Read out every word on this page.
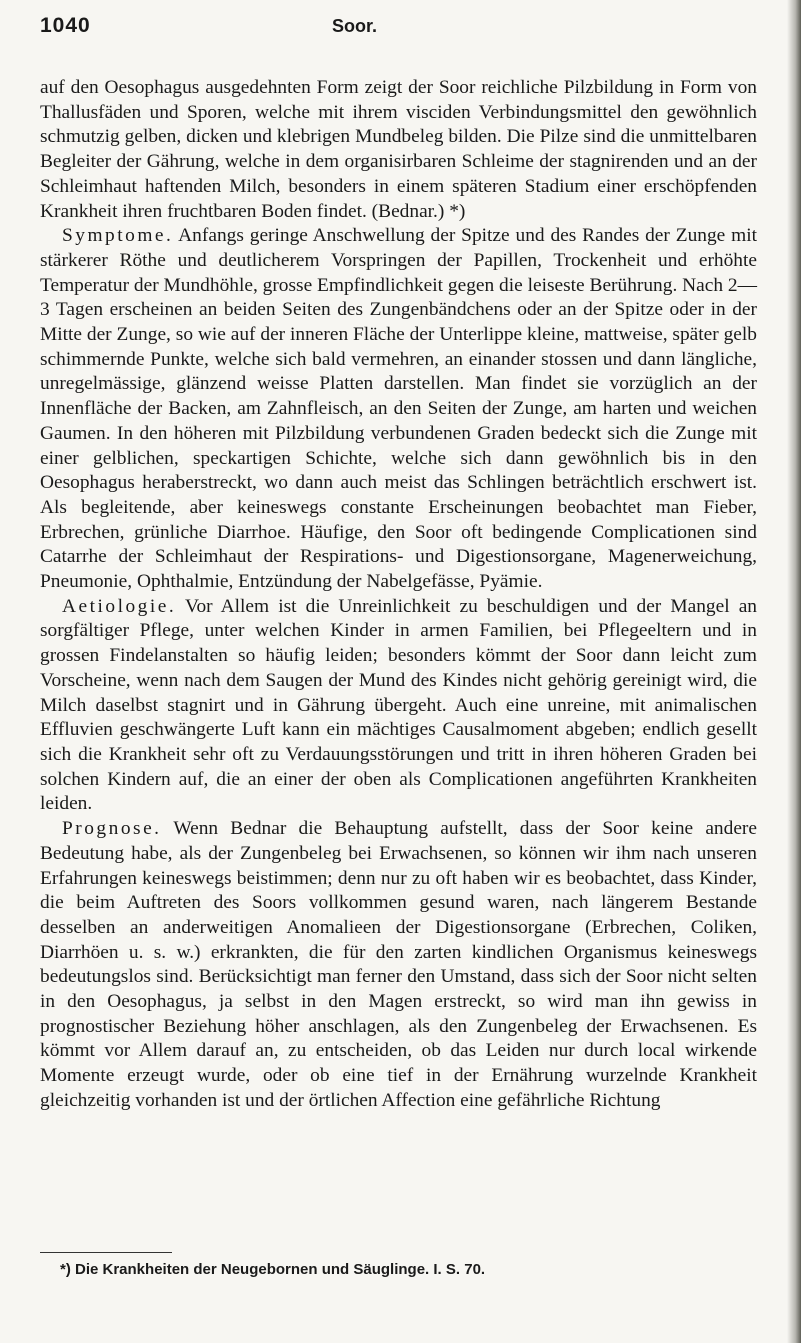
1040	Soor.

auf den Oesophagus ausgedehnten Form zeigt der Soor reichliche Pilzbildung in Form von Thallusfäden und Sporen, welche mit ihrem visciden Verbindungsmittel den gewöhnlich schmutzig gelben, dicken und klebrigen Mundbeleg bilden. Die Pilze sind die unmittelbaren Begleiter der Gährung, welche in dem organisirbaren Schleime der stagnirenden und an der Schleimhaut haftenden Milch, besonders in einem späteren Stadium einer erschöpfenden Krankheit ihren fruchtbaren Boden findet. (Bednar.) *)

Symptome. Anfangs geringe Anschwellung der Spitze und des Randes der Zunge mit stärkerer Röthe und deutlicherem Vorspringen der Papillen, Trockenheit und erhöhte Temperatur der Mundhöhle, grosse Empfindlichkeit gegen die leiseste Berührung. Nach 2—3 Tagen erscheinen an beiden Seiten des Zungenbändchens oder an der Spitze oder in der Mitte der Zunge, so wie auf der inneren Fläche der Unterlippe kleine, mattweise, später gelb schimmernde Punkte, welche sich bald vermehren, an einander stossen und dann längliche, unregelmässige, glänzend weisse Platten darstellen. Man findet sie vorzüglich an der Innenfläche der Backen, am Zahnfleisch, an den Seiten der Zunge, am harten und weichen Gaumen. In den höheren mit Pilzbildung verbundenen Graden bedeckt sich die Zunge mit einer gelblichen, speckartigen Schichte, welche sich dann gewöhnlich bis in den Oesophagus heraberstreckt, wo dann auch meist das Schlingen beträchtlich erschwert ist. Als begleitende, aber keineswegs constante Erscheinungen beobachtet man Fieber, Erbrechen, grünliche Diarrhoe. Häufige, den Soor oft bedingende Complicationen sind Catarrhe der Schleimhaut der Respirations- und Digestionsorgane, Magenerweichung, Pneumonie, Ophthalmie, Entzündung der Nabelgefässe, Pyämie.

Aetiologie. Vor Allem ist die Unreinlichkeit zu beschuldigen und der Mangel an sorgfältiger Pflege, unter welchen Kinder in armen Familien, bei Pflegeeltern und in grossen Findelanstalten so häufig leiden; besonders kömmt der Soor dann leicht zum Vorscheine, wenn nach dem Saugen der Mund des Kindes nicht gehörig gereinigt wird, die Milch daselbst stagnirt und in Gährung übergeht. Auch eine unreine, mit animalischen Effluvien geschwängerte Luft kann ein mächtiges Causalmoment abgeben; endlich gesellt sich die Krankheit sehr oft zu Verdauungsstörungen und tritt in ihren höheren Graden bei solchen Kindern auf, die an einer der oben als Complicationen angeführten Krankheiten leiden.

Prognose. Wenn Bednar die Behauptung aufstellt, dass der Soor keine andere Bedeutung habe, als der Zungenbeleg bei Erwachsenen, so können wir ihm nach unseren Erfahrungen keineswegs beistimmen; denn nur zu oft haben wir es beobachtet, dass Kinder, die beim Auftreten des Soors vollkommen gesund waren, nach längerem Bestande desselben an anderweitigen Anomalieen der Digestionsorgane (Erbrechen, Coliken, Diarrhöen u. s. w.) erkrankten, die für den zarten kindlichen Organismus keineswegs bedeutungslos sind. Berücksichtigt man ferner den Umstand, dass sich der Soor nicht selten in den Oesophagus, ja selbst in den Magen erstreckt, so wird man ihn gewiss in prognostischer Beziehung höher anschlagen, als den Zungenbeleg der Erwachsenen. Es kömmt vor Allem darauf an, zu entscheiden, ob das Leiden nur durch local wirkende Momente erzeugt wurde, oder ob eine tief in der Ernährung wurzelnde Krankheit gleichzeitig vorhanden ist und der örtlichen Affection eine gefährliche Richtung

*) Die Krankheiten der Neugebornen und Säuglinge. I. S. 70.
